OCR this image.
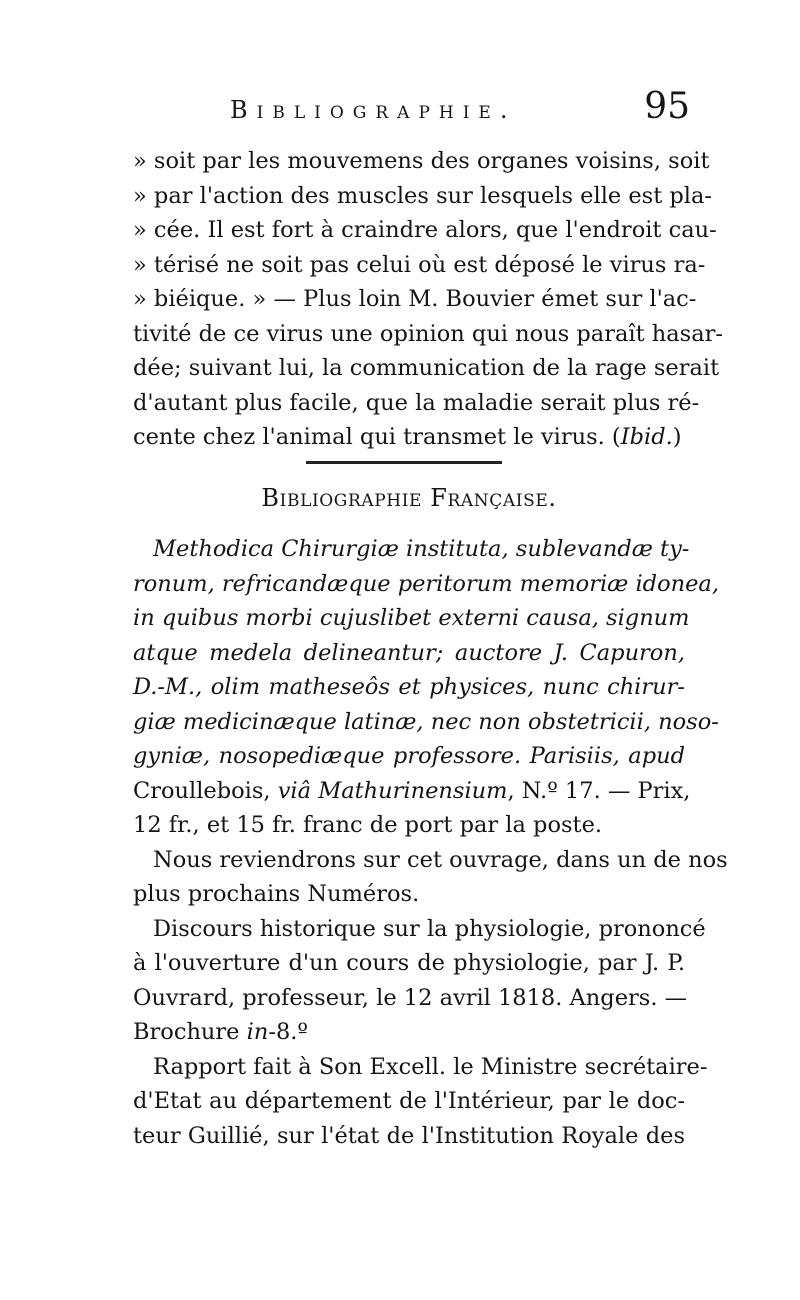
Bibliographie.	95
» soit par les mouvemens des organes voisins, soit
» par l'action des muscles sur lesquels elle est pla-
» cée. Il est fort à craindre alors, que l'endroit cau-
» térisé ne soit pas celui où est déposé le virus ra-
» biéique. » — Plus loin M. Bouvier émet sur l'ac-
tivité de ce virus une opinion qui nous paraît hasar-
dée; suivant lui, la communication de la rage serait
d'autant plus facile, que la maladie serait plus ré-
cente chez l'animal qui transmet le virus. (Ibid.)
Bibliographie Française.
Methodica Chirurgiæ instituta, sublevandæ ty-
ronum, refricandæque peritorum memoriæ idonea,
in quibus morbi cujuslibet externi causa, signum
atque medela delineantur; auctore J. Capuron,
D.-M., olim matheseôs et physices, nunc chirur-
giæ medicinæque latinæ, nec non obstetricii, noso-
gyniæ, nosopediæque professore. Parisiis, apud
Croullebois, viâ Mathurinensium, N.º 17. — Prix,
12 fr., et 15 fr. franc de port par la poste.
Nous reviendrons sur cet ouvrage, dans un de nos
plus prochains Numéros.
Discours historique sur la physiologie, prononcé
à l'ouverture d'un cours de physiologie, par J. P.
Ouvrard, professeur, le 12 avril 1818. Angers. —
Brochure in-8.º
Rapport fait à Son Excell. le Ministre secrétaire-
d'Etat au département de l'Intérieur, par le doc-
teur Guillié, sur l'état de l'Institution Royale des
